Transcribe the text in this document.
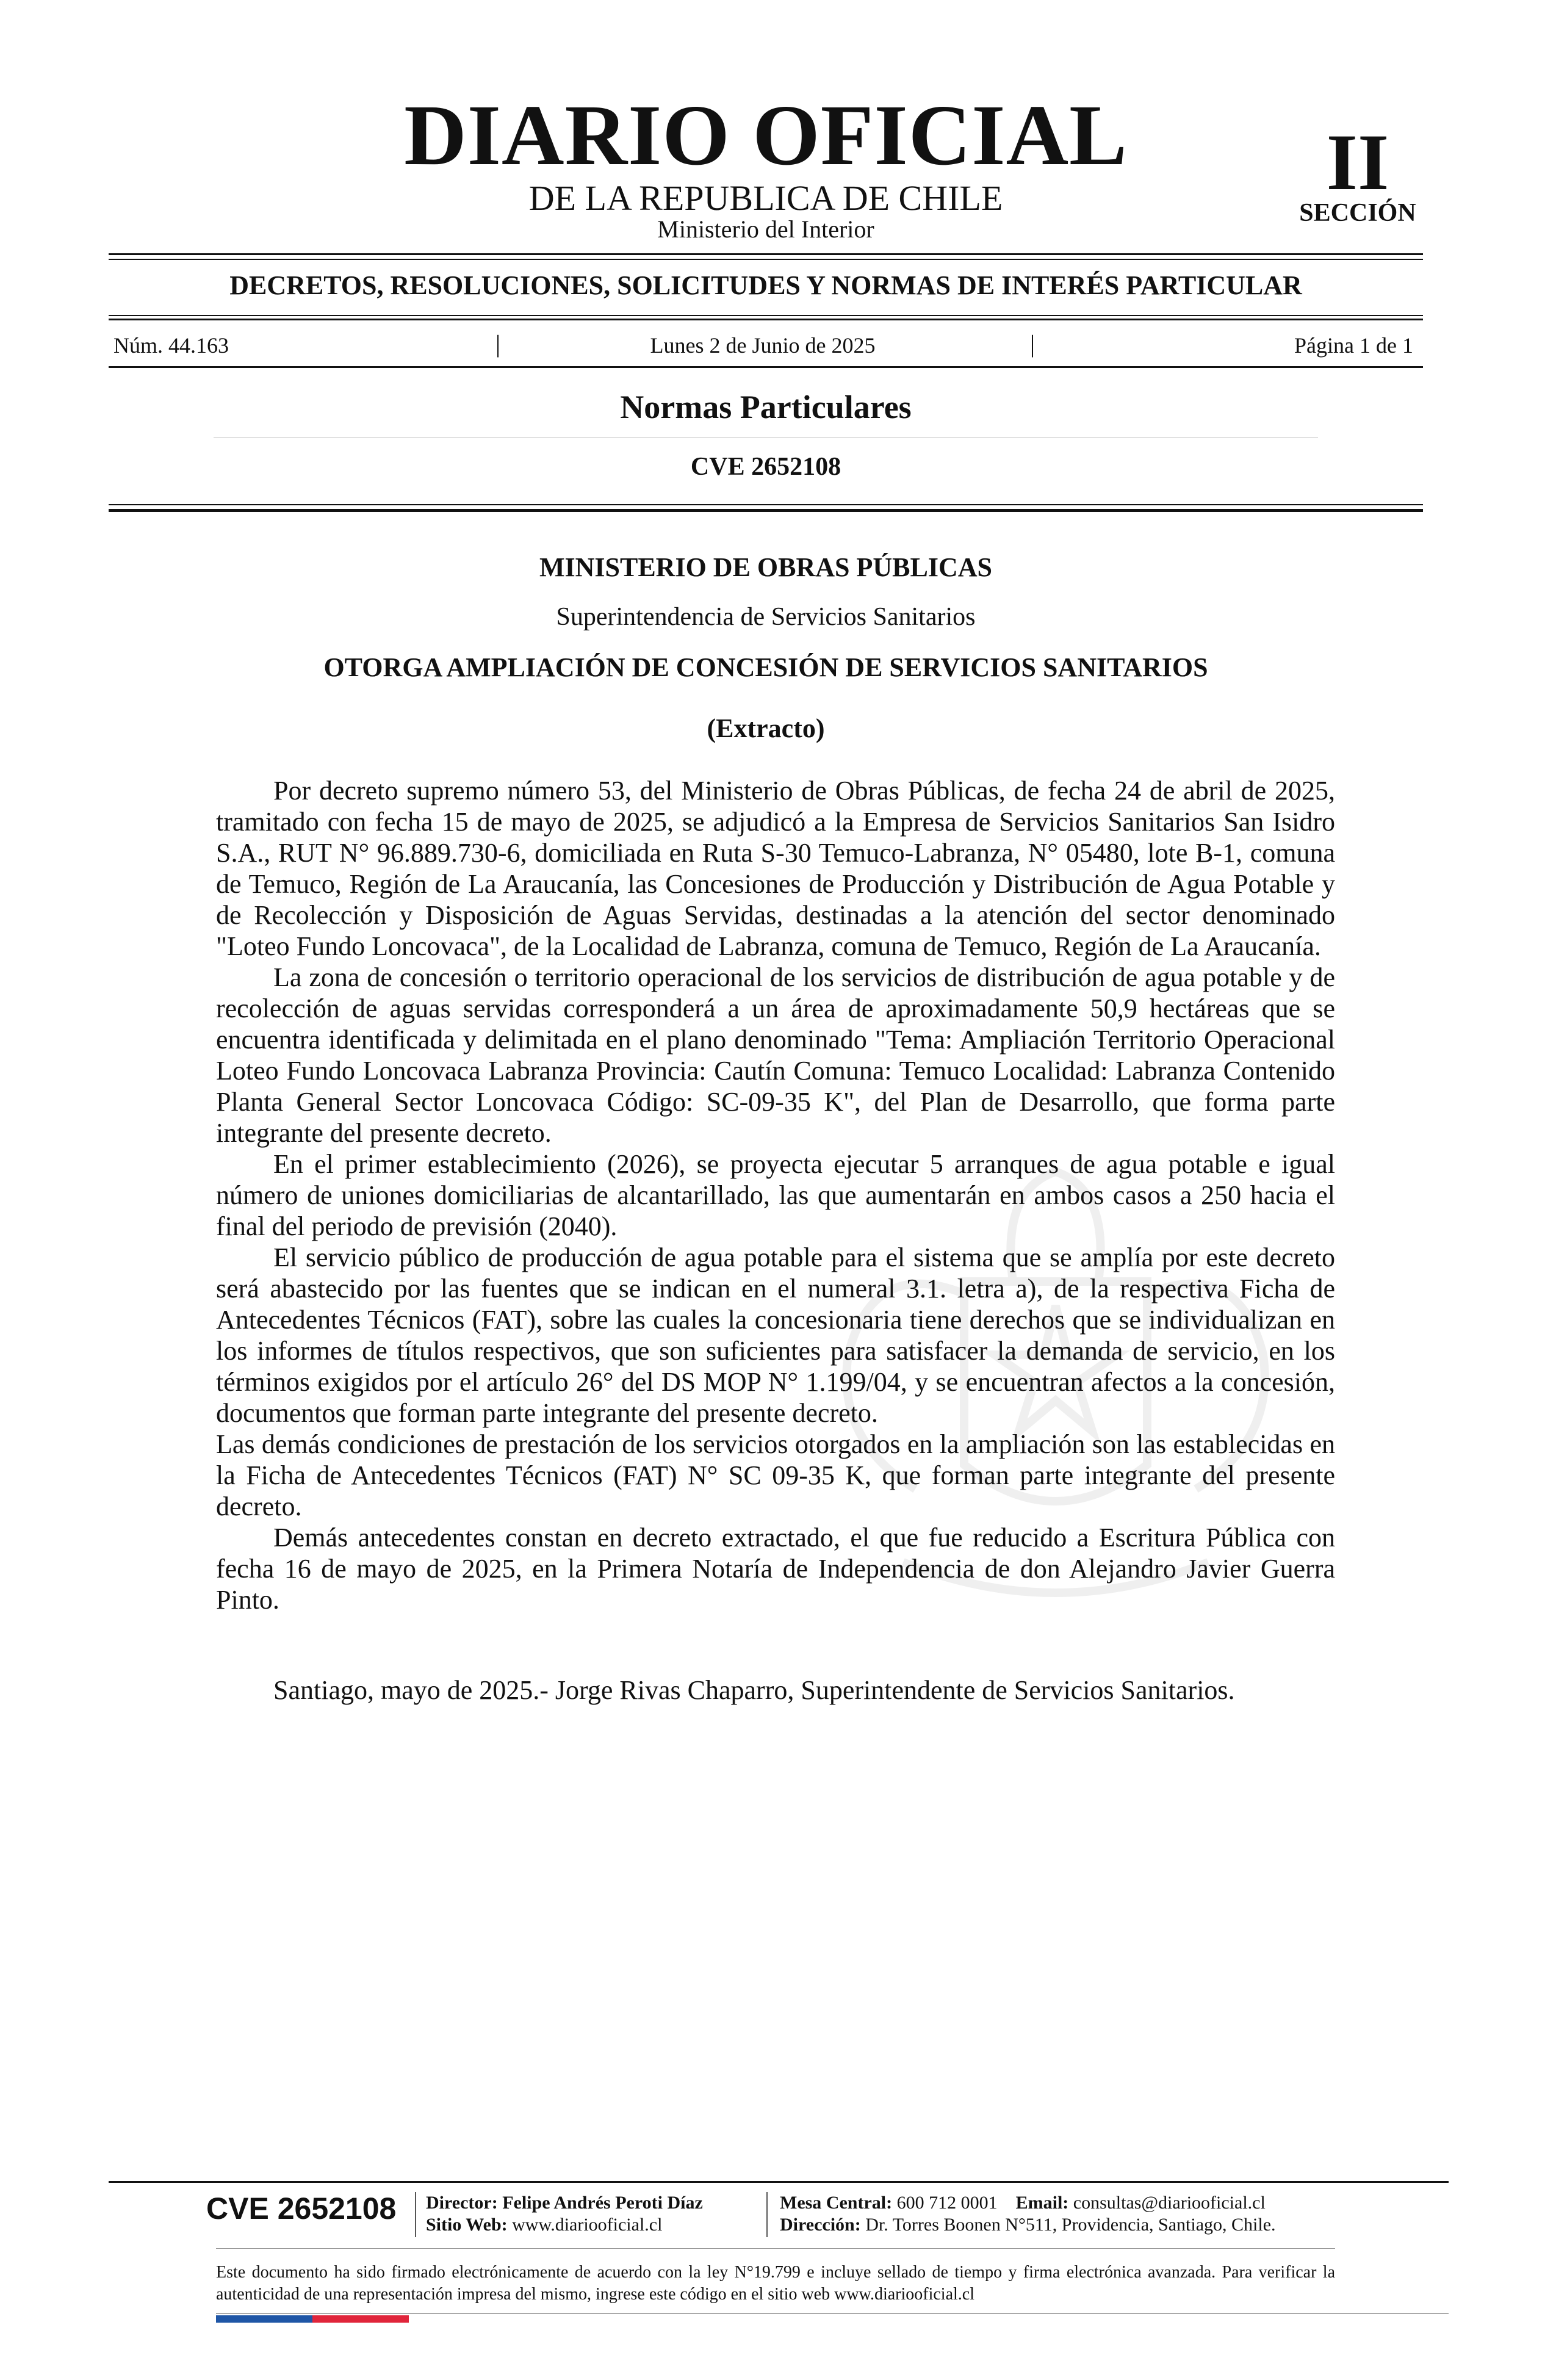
DIARIO OFICIAL
DE LA REPUBLICA DE CHILE
Ministerio del Interior
II
SECCIÓN
DECRETOS, RESOLUCIONES, SOLICITUDES Y NORMAS DE INTERÉS PARTICULAR
Núm. 44.163	|	Lunes 2 de Junio de 2025	|	Página 1 de 1
Normas Particulares
CVE 2652108
MINISTERIO DE OBRAS PÚBLICAS
Superintendencia de Servicios Sanitarios
OTORGA AMPLIACIÓN DE CONCESIÓN DE SERVICIOS SANITARIOS
(Extracto)

Por decreto supremo número 53, del Ministerio de Obras Públicas, de fecha 24 de abril de 2025, tramitado con fecha 15 de mayo de 2025, se adjudicó a la Empresa de Servicios Sanitarios San Isidro S.A., RUT N° 96.889.730-6, domiciliada en Ruta S-30 Temuco-Labranza, N° 05480, lote B-1, comuna de Temuco, Región de La Araucanía, las Concesiones de Producción y Distribución de Agua Potable y de Recolección y Disposición de Aguas Servidas, destinadas a la atención del sector denominado "Loteo Fundo Loncovaca", de la Localidad de Labranza, comuna de Temuco, Región de La Araucanía.

La zona de concesión o territorio operacional de los servicios de distribución de agua potable y de recolección de aguas servidas corresponderá a un área de aproximadamente 50,9 hectáreas que se encuentra identificada y delimitada en el plano denominado "Tema: Ampliación Territorio Operacional Loteo Fundo Loncovaca Labranza Provincia: Cautín Comuna: Temuco Localidad: Labranza Contenido Planta General Sector Loncovaca Código: SC-09-35 K", del Plan de Desarrollo, que forma parte integrante del presente decreto.

En el primer establecimiento (2026), se proyecta ejecutar 5 arranques de agua potable e igual número de uniones domiciliarias de alcantarillado, las que aumentarán en ambos casos a 250 hacia el final del periodo de previsión (2040).

El servicio público de producción de agua potable para el sistema que se amplía por este decreto será abastecido por las fuentes que se indican en el numeral 3.1. letra a), de la respectiva Ficha de Antecedentes Técnicos (FAT), sobre las cuales la concesionaria tiene derechos que se individualizan en los informes de títulos respectivos, que son suficientes para satisfacer la demanda de servicio, en los términos exigidos por el artículo 26° del DS MOP N° 1.199/04, y se encuentran afectos a la concesión, documentos que forman parte integrante del presente decreto.

Las demás condiciones de prestación de los servicios otorgados en la ampliación son las establecidas en la Ficha de Antecedentes Técnicos (FAT) N° SC 09-35 K, que forman parte integrante del presente decreto.

Demás antecedentes constan en decreto extractado, el que fue reducido a Escritura Pública con fecha 16 de mayo de 2025, en la Primera Notaría de Independencia de don Alejandro Javier Guerra Pinto.

Santiago, mayo de 2025.- Jorge Rivas Chaparro, Superintendente de Servicios Sanitarios.
CVE 2652108	Director: Felipe Andrés Peroti Díaz
Sitio Web: www.diariooficial.cl
Mesa Central: 600 712 0001 Email: consultas@diariooficial.cl
Dirección: Dr. Torres Boonen N°511, Providencia, Santiago, Chile.
Este documento ha sido firmado electrónicamente de acuerdo con la ley N°19.799 e incluye sellado de tiempo y firma electrónica avanzada. Para verificar la autenticidad de una representación impresa del mismo, ingrese este código en el sitio web www.diariooficial.cl
